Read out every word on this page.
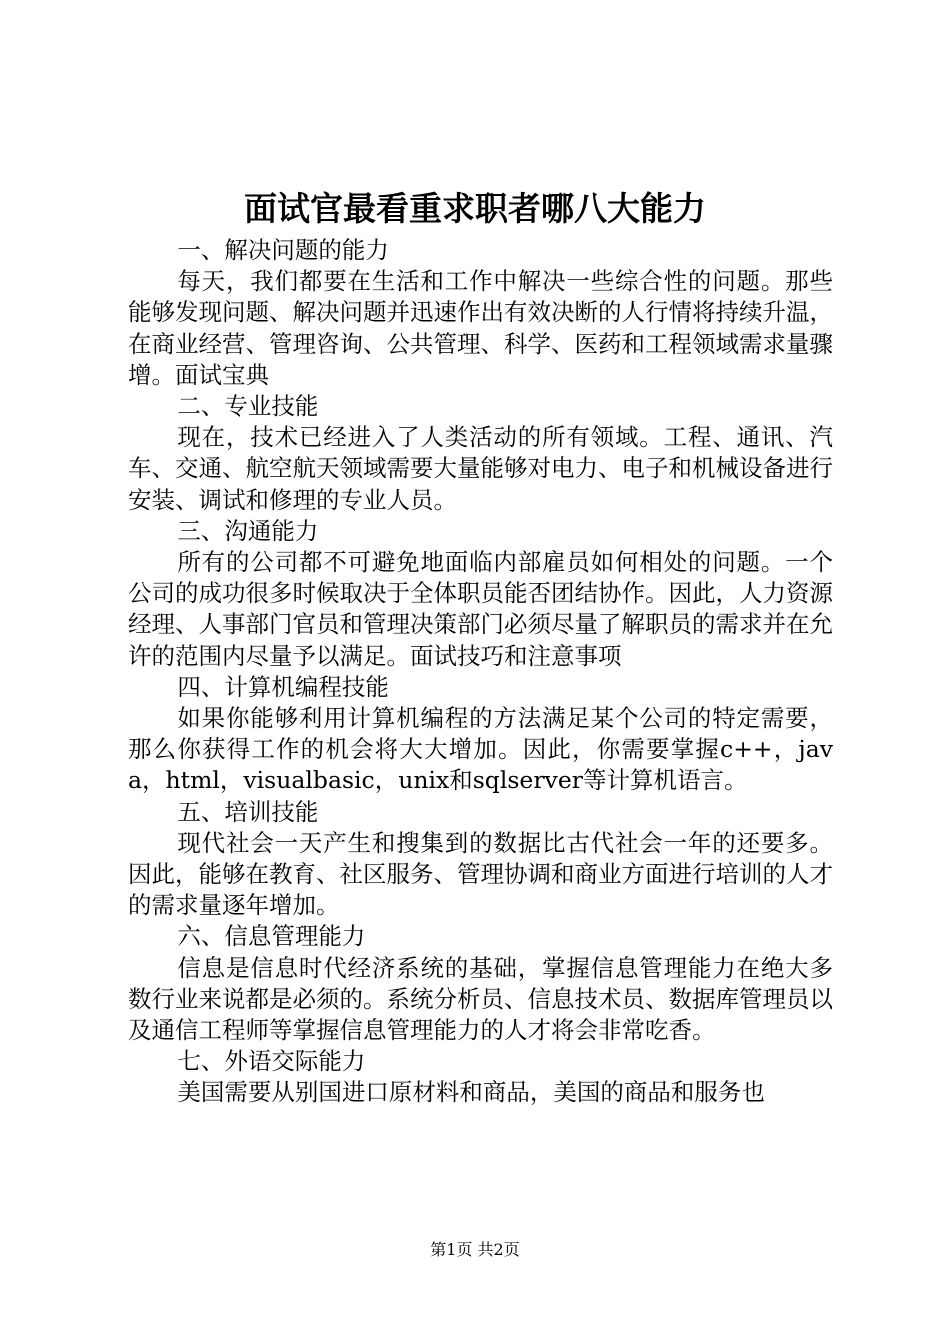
面试官最看重求职者哪八大能力

一、解决问题的能力

每天，我们都要在生活和工作中解决一些综合性的问题。那些能够发现问题、解决问题并迅速作出有效决断的人行情将持续升温，在商业经营、管理咨询、公共管理、科学、医药和工程领域需求量骤增。面试宝典

二、专业技能

现在，技术已经进入了人类活动的所有领域。工程、通讯、汽车、交通、航空航天领域需要大量能够对电力、电子和机械设备进行安装、调试和修理的专业人员。

三、沟通能力

所有的公司都不可避免地面临内部雇员如何相处的问题。一个公司的成功很多时候取决于全体职员能否团结协作。因此，人力资源经理、人事部门官员和管理决策部门必须尽量了解职员的需求并在允许的范围内尽量予以满足。面试技巧和注意事项

四、计算机编程技能

如果你能够利用计算机编程的方法满足某个公司的特定需要，那么你获得工作的机会将大大增加。因此，你需要掌握c++，java，html，visualbasic，unix和sqlserver等计算机语言。

五、培训技能

现代社会一天产生和搜集到的数据比古代社会一年的还要多。因此，能够在教育、社区服务、管理协调和商业方面进行培训的人才的需求量逐年增加。

六、信息管理能力

信息是信息时代经济系统的基础，掌握信息管理能力在绝大多数行业来说都是必须的。系统分析员、信息技术员、数据库管理员以及通信工程师等掌握信息管理能力的人才将会非常吃香。

七、外语交际能力

美国需要从别国进口原材料和商品，美国的商品和服务也

第1页 共2页
